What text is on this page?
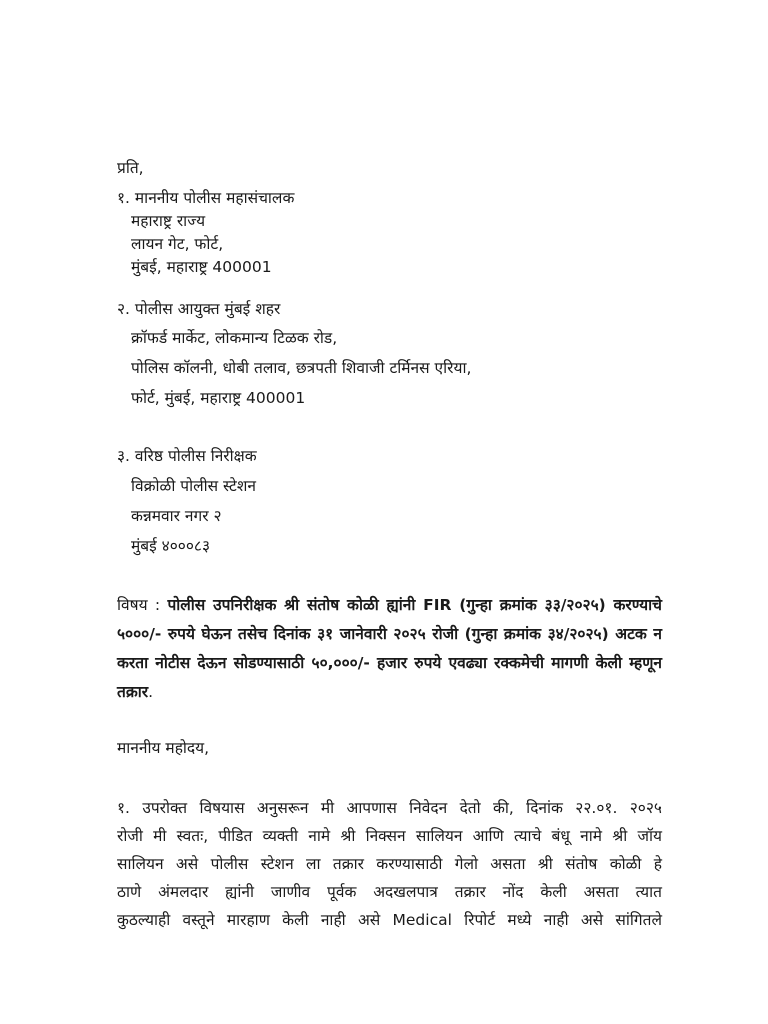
प्रति,
१. माननीय पोलीस महासंचालक
महाराष्ट्र राज्य
लायन गेट, फोर्ट,
मुंबई, महाराष्ट्र 400001
२. पोलीस आयुक्त मुंबई शहर
क्रॉफर्ड मार्केट, लोकमान्य टिळक रोड,
पोलिस कॉलनी, धोबी तलाव, छत्रपती शिवाजी टर्मिनस एरिया,
फोर्ट, मुंबई, महाराष्ट्र 400001
३. वरिष्ठ पोलीस निरीक्षक
विक्रोळी पोलीस स्टेशन
कन्नमवार नगर २
मुंबई ४०००८३
विषय : पोलीस उपनिरीक्षक श्री संतोष कोळी ह्यांनी FIR (गुन्हा क्रमांक ३३/२०२५) करण्याचे ५०००/- रुपये घेऊन तसेच दिनांक ३१ जानेवारी २०२५ रोजी (गुन्हा क्रमांक ३४/२०२५) अटक न करता नोटीस देऊन सोडण्यासाठी ५०,०००/- हजार रुपये एवढ्या रक्कमेची मागणी केली म्हणून तक्रार.
माननीय महोदय,
१. उपरोक्त विषयास अनुसरून मी आपणास निवेदन देतो की, दिनांक २२.०१. २०२५
रोजी मी स्वतः, पीडित व्यक्ती नामे श्री निक्सन सालियन आणि त्याचे बंधू नामे श्री जॉय
सालियन असे पोलीस स्टेशन ला तक्रार करण्यासाठी गेलो असता श्री संतोष कोळी हे
ठाणे अंमलदार ह्यांनी जाणीव पूर्वक अदखलपात्र तक्रार नोंद केली असता त्यात
कुठल्याही वस्तूने मारहाण केली नाही असे Medical रिपोर्ट मध्ये नाही असे सांगितले
